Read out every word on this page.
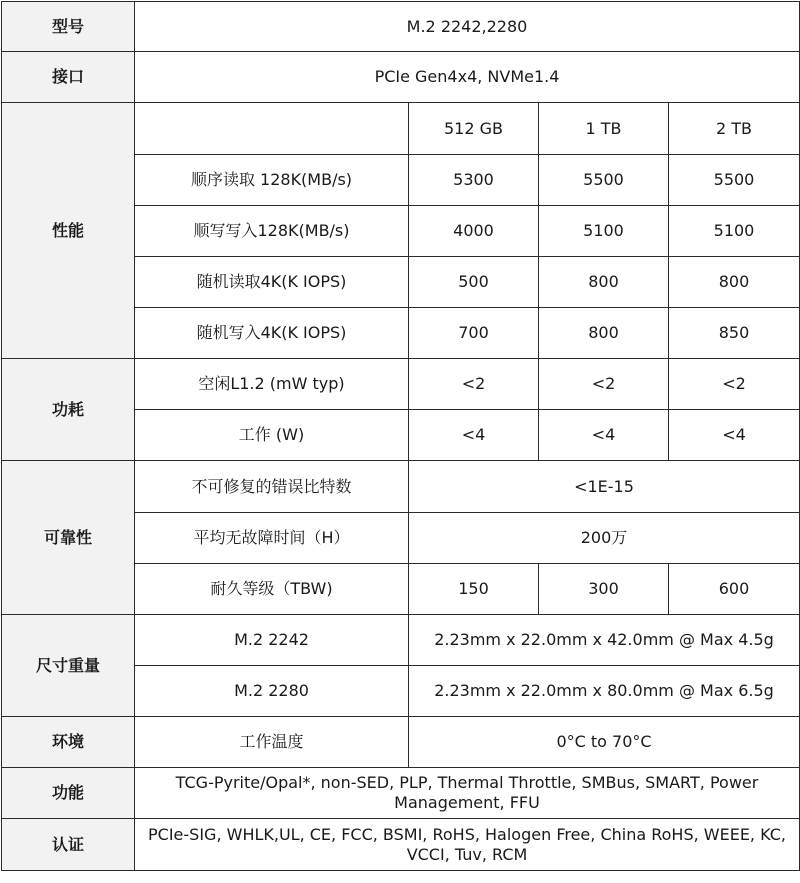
型号	M.2 2242,2280			
接口	PCIe Gen4x4, NVMe1.4			
性能		512 GB	1 TB	2 TB
	顺序读取 128K(MB/s)	5300	5500	5500
	顺写写入128K(MB/s)	4000	5100	5100
	随机读取4K(K IOPS)	500	800	800
	随机写入4K(K IOPS)	700	800	850
功耗	空闲L1.2 (mW typ)	<2	<2	<2
	工作 (W)	<4	<4	<4
可靠性	不可修复的错误比特数	<1E-15		
	平均无故障时间（H）	200万		
	耐久等级（TBW)	150	300	600
尺寸重量	M.2 2242	2.23mm x 22.0mm x 42.0mm @ Max 4.5g		
	M.2 2280	2.23mm x 22.0mm x 80.0mm @ Max 6.5g		
环境	工作温度	0°C to 70°C		
功能	TCG-Pyrite/Opal*, non-SED, PLP, Thermal Throttle, SMBus, SMART, Power Management, FFU			
认证	PCIe-SIG, WHLK,UL, CE, FCC, BSMI, RoHS, Halogen Free, China RoHS, WEEE, KC, VCCI, Tuv, RCM			
